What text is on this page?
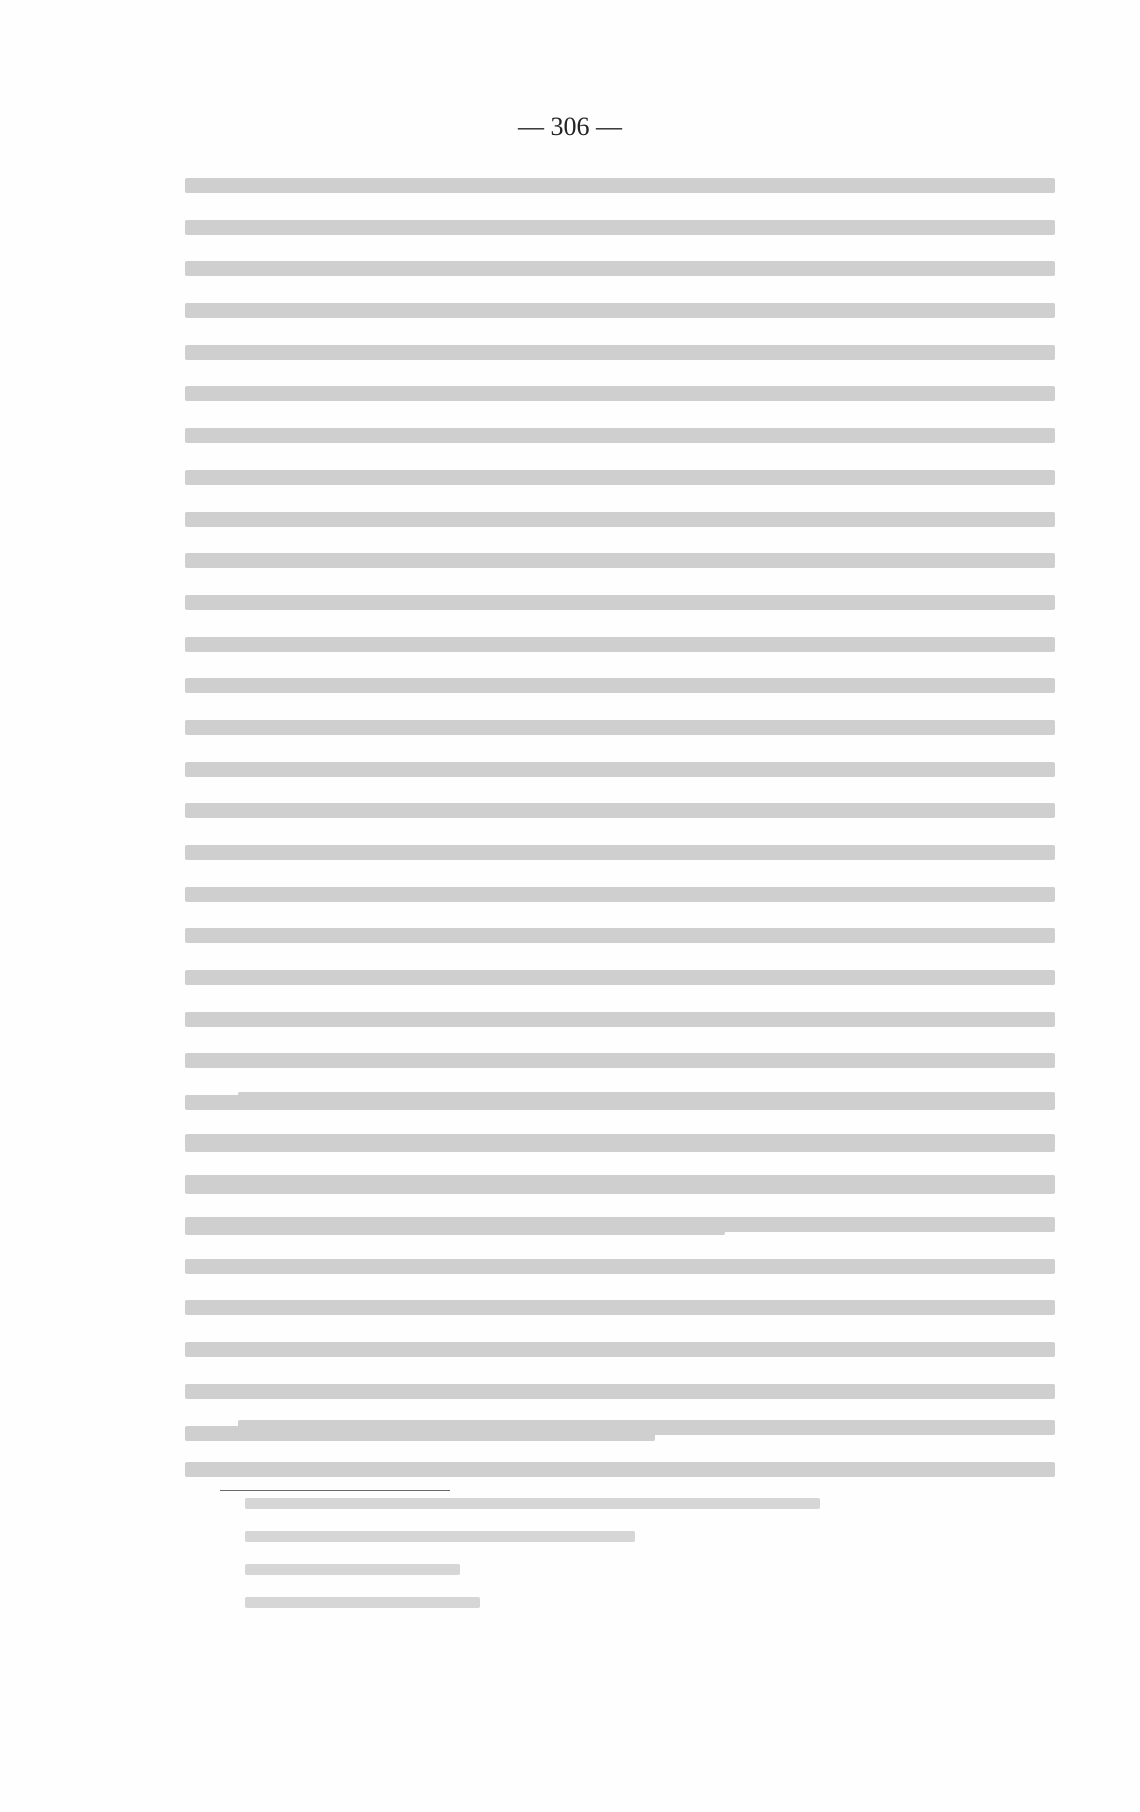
— 306 —
